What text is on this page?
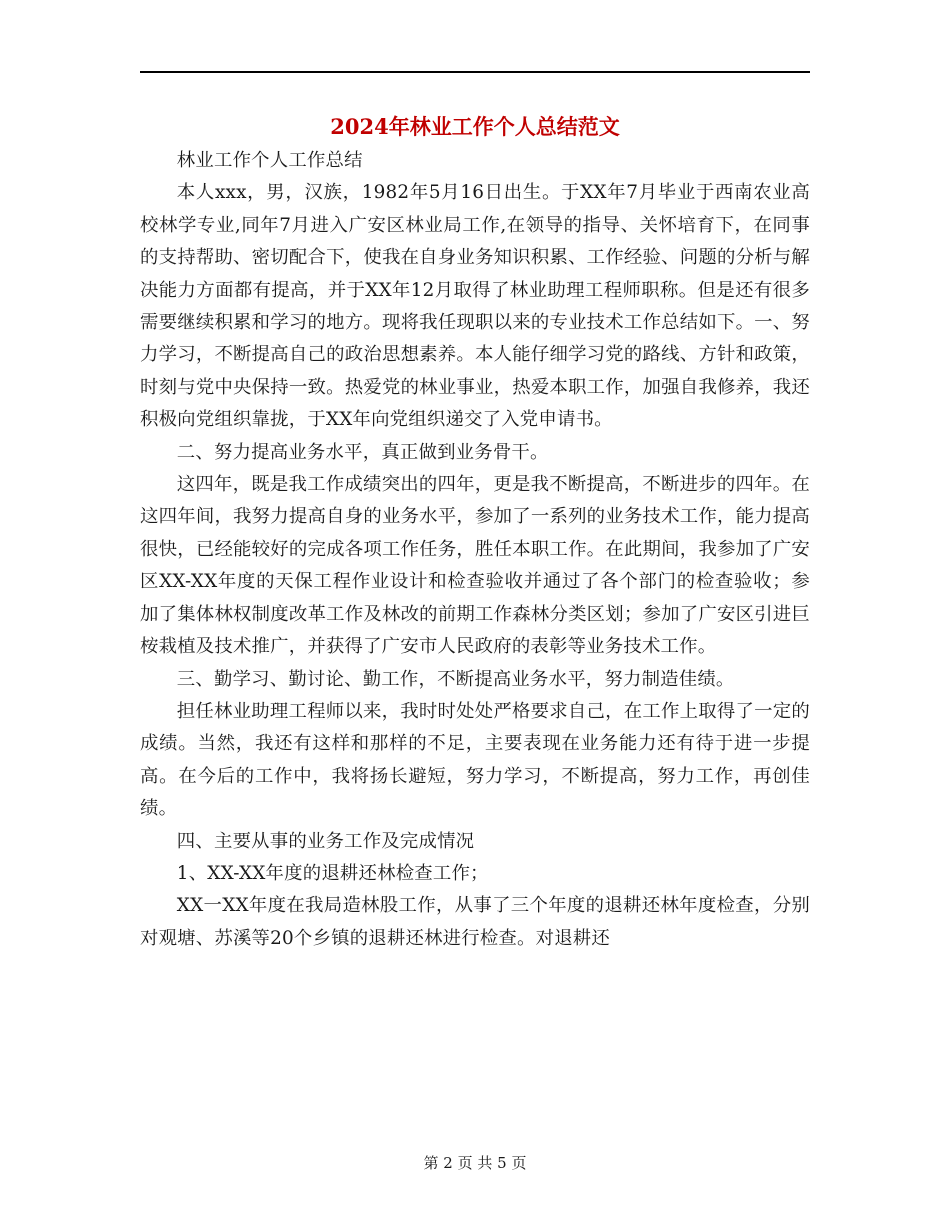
2024年林业工作个人总结范文

林业工作个人工作总结

本人xxx，男，汉族，1982年5月16日出生。于XX年7月毕业于西南农业高校林学专业,同年7月进入广安区林业局工作,在领导的指导、关怀培育下，在同事的支持帮助、密切配合下，使我在自身业务知识积累、工作经验、问题的分析与解决能力方面都有提高，并于XX年12月取得了林业助理工程师职称。但是还有很多需要继续积累和学习的地方。现将我任现职以来的专业技术工作总结如下。一、努力学习，不断提高自己的政治思想素养。本人能仔细学习党的路线、方针和政策，时刻与党中央保持一致。热爱党的林业事业，热爱本职工作，加强自我修养，我还积极向党组织靠拢，于XX年向党组织递交了入党申请书。

二、努力提高业务水平，真正做到业务骨干。

这四年，既是我工作成绩突出的四年，更是我不断提高，不断进步的四年。在这四年间，我努力提高自身的业务水平，参加了一系列的业务技术工作，能力提高很快，已经能较好的完成各项工作任务，胜任本职工作。在此期间，我参加了广安区XX-XX年度的天保工程作业设计和检查验收并通过了各个部门的检查验收；参加了集体林权制度改革工作及林改的前期工作森林分类区划；参加了广安区引进巨桉栽植及技术推广，并获得了广安市人民政府的表彰等业务技术工作。

三、勤学习、勤讨论、勤工作，不断提高业务水平，努力制造佳绩。

担任林业助理工程师以来，我时时处处严格要求自己，在工作上取得了一定的成绩。当然，我还有这样和那样的不足，主要表现在业务能力还有待于进一步提高。在今后的工作中，我将扬长避短，努力学习，不断提高，努力工作，再创佳绩。

四、主要从事的业务工作及完成情况

1、XX-XX年度的退耕还林检查工作；

XX一XX年度在我局造林股工作，从事了三个年度的退耕还林年度检查，分别对观塘、苏溪等20个乡镇的退耕还林进行检查。对退耕还

第 2 页 共 5 页
